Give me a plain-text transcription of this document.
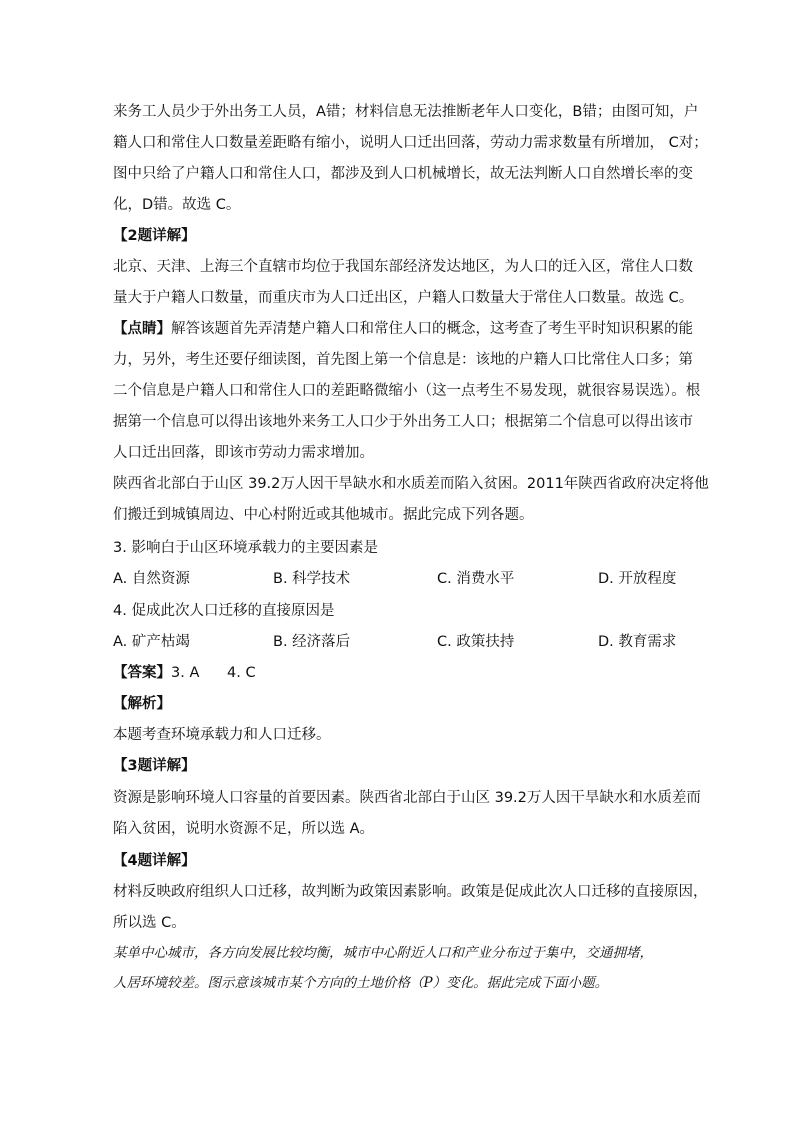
来务工人员少于外出务工人员，A错；材料信息无法推断老年人口变化，B错；由图可知，户
籍人口和常住人口数量差距略有缩小，说明人口迁出回落，劳动力需求数量有所增加， C对；
图中只给了户籍人口和常住人口，都涉及到人口机械增长，故无法判断人口自然增长率的变
化，D错。故选 C。
【2题详解】
北京、天津、上海三个直辖市均位于我国东部经济发达地区，为人口的迁入区，常住人口数
量大于户籍人口数量，而重庆市为人口迁出区，户籍人口数量大于常住人口数量。故选 C。
【点睛】解答该题首先弄清楚户籍人口和常住人口的概念，这考查了考生平时知识积累的能
力，另外，考生还要仔细读图，首先图上第一个信息是：该地的户籍人口比常住人口多；第
二个信息是户籍人口和常住人口的差距略微缩小（这一点考生不易发现，就很容易误选）。根
据第一个信息可以得出该地外来务工人口少于外出务工人口；根据第二个信息可以得出该市
人口迁出回落，即该市劳动力需求增加。
陕西省北部白于山区 39.2万人因干旱缺水和水质差而陷入贫困。2011年陕西省政府决定将他
们搬迁到城镇周边、中心村附近或其他城市。据此完成下列各题。
3. 影响白于山区环境承载力的主要因素是
A. 自然资源	B. 科学技术	C. 消费水平	D. 开放程度
4. 促成此次人口迁移的直接原因是
A. 矿产枯竭	B. 经济落后	C. 政策扶持	D. 教育需求
【答案】3. A      4. C
【解析】
本题考查环境承载力和人口迁移。
【3题详解】
资源是影响环境人口容量的首要因素。陕西省北部白于山区 39.2万人因干旱缺水和水质差而
陷入贫困，说明水资源不足，所以选 A。
【4题详解】
材料反映政府组织人口迁移，故判断为政策因素影响。政策是促成此次人口迁移的直接原因，
所以选 C。
某单中心城市，各方向发展比较均衡，城市中心附近人口和产业分布过于集中，交通拥堵，
人居环境较差。图示意该城市某个方向的土地价格（P）变化。据此完成下面小题。
